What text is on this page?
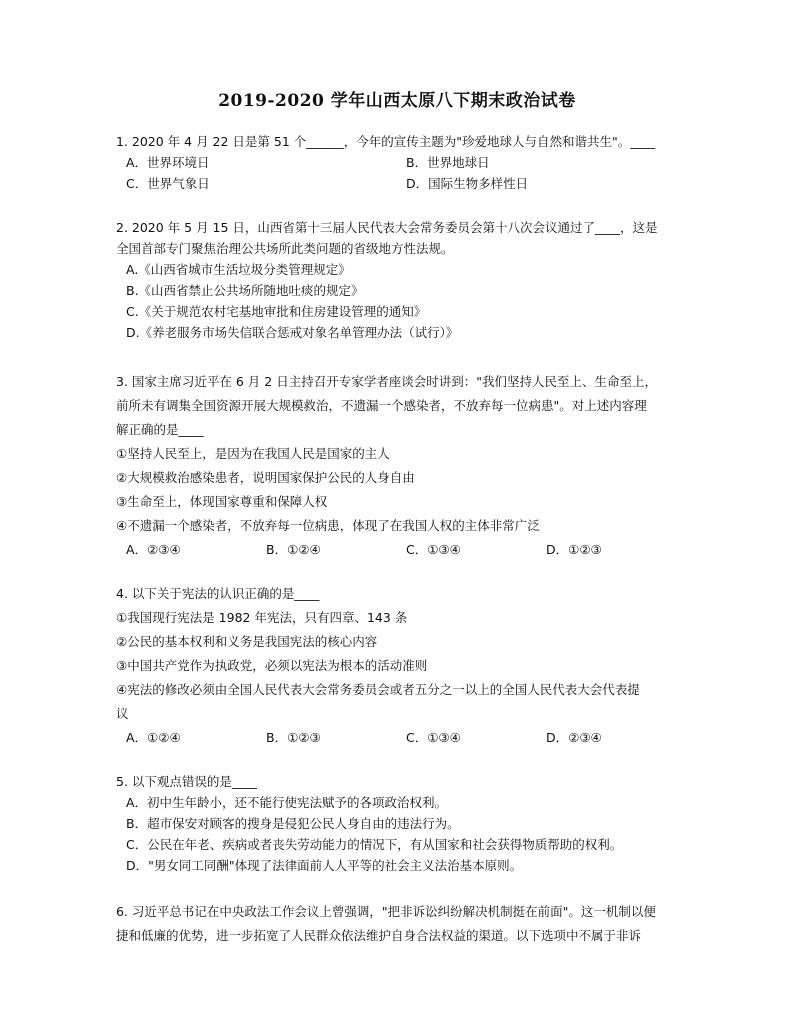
2019-2020 学年山西太原八下期末政治试卷
1. 2020 年 4 月 22 日是第 51 个______，今年的宣传主题为"珍爱地球人与自然和谐共生"。____
A．世界环境日	B．世界地球日
C．世界气象日	D．国际生物多样性日
2. 2020 年 5 月 15 日，山西省第十三届人民代表大会常务委员会第十八次会议通过了____，这是
全国首部专门聚焦治理公共场所此类问题的省级地方性法规。
A.《山西省城市生活垃圾分类管理规定》
B.《山西省禁止公共场所随地吐痰的规定》
C.《关于规范农村宅基地审批和住房建设管理的通知》
D.《养老服务市场失信联合惩戒对象名单管理办法（试行）》
3. 国家主席习近平在 6 月 2 日主持召开专家学者座谈会时讲到："我们坚持人民至上、生命至上，
前所未有调集全国资源开展大规模救治，不遗漏一个感染者，不放弃每一位病患"。对上述内容理
解正确的是____
①坚持人民至上，是因为在我国人民是国家的主人
②大规模救治感染患者，说明国家保护公民的人身自由
③生命至上，体现国家尊重和保障人权
④不遗漏一个感染者，不放弃每一位病患，体现了在我国人权的主体非常广泛
A．②③④	B．①②④	C．①③④	D．①②③
4. 以下关于宪法的认识正确的是____
①我国现行宪法是 1982 年宪法，只有四章、143 条
②公民的基本权利和义务是我国宪法的核心内容
③中国共产党作为执政党，必须以宪法为根本的活动准则
④宪法的修改必须由全国人民代表大会常务委员会或者五分之一以上的全国人民代表大会代表提
议
A．①②④	B．①②③	C．①③④	D．②③④
5. 以下观点错误的是____
A．初中生年龄小，还不能行使宪法赋予的各项政治权利。
B．超市保安对顾客的搜身是侵犯公民人身自由的违法行为。
C．公民在年老、疾病或者丧失劳动能力的情况下，有从国家和社会获得物质帮助的权利。
D．"男女同工同酬"体现了法律面前人人平等的社会主义法治基本原则。
6. 习近平总书记在中央政法工作会议上曾强调，"把非诉讼纠纷解决机制挺在前面"。这一机制以便
捷和低廉的优势，进一步拓宽了人民群众依法维护自身合法权益的渠道。以下选项中不属于非诉
